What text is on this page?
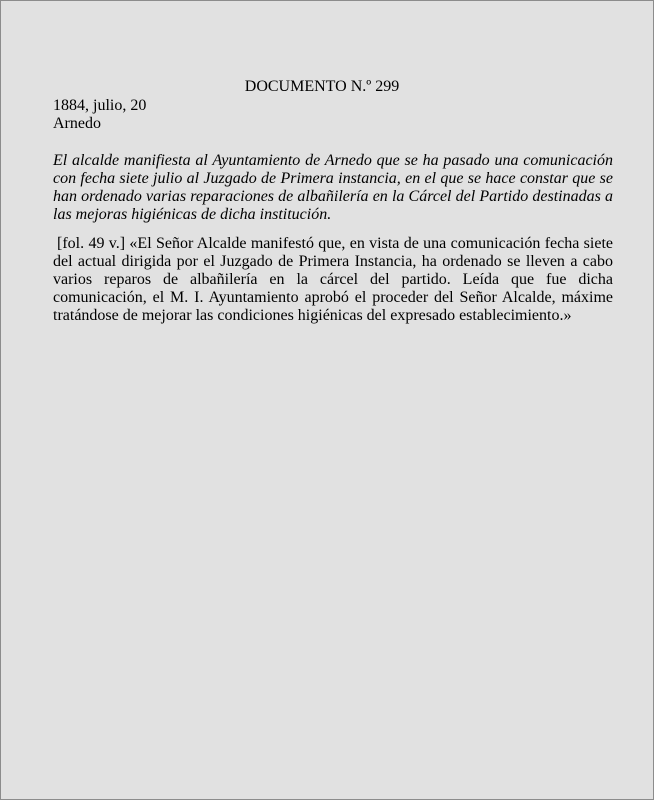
DOCUMENTO N.º 299
1884, julio, 20
Arnedo
El alcalde manifiesta al Ayuntamiento de Arnedo que se ha pasado una comunicación con fecha siete julio al Juzgado de Primera instancia, en el que se hace constar que se han ordenado varias reparaciones de albañilería en la Cárcel del Partido destinadas a las mejoras higiénicas de dicha institución.
[fol. 49 v.] «El Señor Alcalde manifestó que, en vista de una comunicación fecha siete del actual dirigida por el Juzgado de Primera Instancia, ha ordenado se lleven a cabo varios reparos de albañilería en la cárcel del partido. Leída que fue dicha comunicación, el M. I. Ayuntamiento aprobó el proceder del Señor Alcalde, máxime tratándose de mejorar las condiciones higiénicas del expresado establecimiento.»
